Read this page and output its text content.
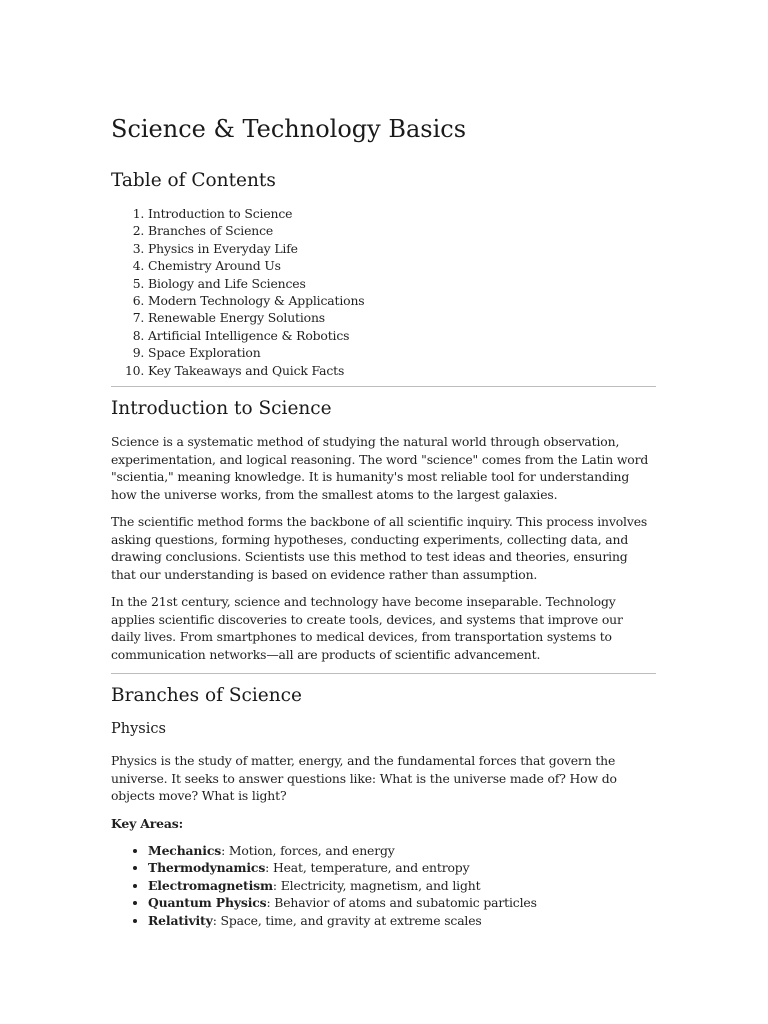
Science & Technology Basics
Table of Contents
1. Introduction to Science
2. Branches of Science
3. Physics in Everyday Life
4. Chemistry Around Us
5. Biology and Life Sciences
6. Modern Technology & Applications
7. Renewable Energy Solutions
8. Artificial Intelligence & Robotics
9. Space Exploration
10. Key Takeaways and Quick Facts
Introduction to Science

Science is a systematic method of studying the natural world through observation, experimentation, and logical reasoning. The word "science" comes from the Latin word "scientia," meaning knowledge. It is humanity's most reliable tool for understanding how the universe works, from the smallest atoms to the largest galaxies.

The scientific method forms the backbone of all scientific inquiry. This process involves asking questions, forming hypotheses, conducting experiments, collecting data, and drawing conclusions. Scientists use this method to test ideas and theories, ensuring that our understanding is based on evidence rather than assumption.

In the 21st century, science and technology have become inseparable. Technology applies scientific discoveries to create tools, devices, and systems that improve our daily lives. From smartphones to medical devices, from transportation systems to communication networks—all are products of scientific advancement.

Branches of Science
Physics

Physics is the study of matter, energy, and the fundamental forces that govern the universe. It seeks to answer questions like: What is the universe made of? How do objects move? What is light?

Key Areas:

• Mechanics: Motion, forces, and energy
• Thermodynamics: Heat, temperature, and entropy
• Electromagnetism: Electricity, magnetism, and light
• Quantum Physics: Behavior of atoms and subatomic particles
• Relativity: Space, time, and gravity at extreme scales
